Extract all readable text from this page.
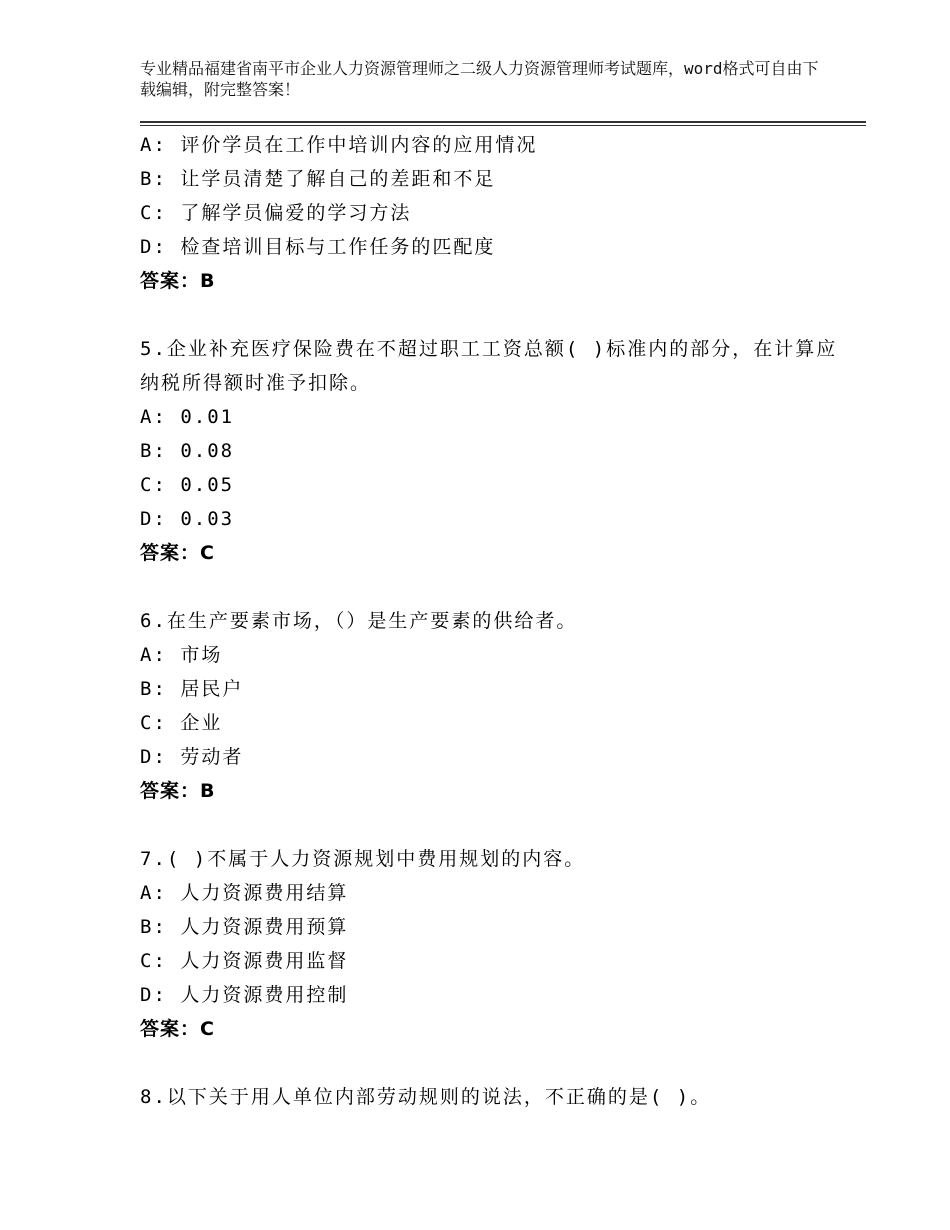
专业精品福建省南平市企业人力资源管理师之二级人力资源管理师考试题库，word格式可自由下载编辑，附完整答案！
A: 评价学员在工作中培训内容的应用情况
B: 让学员清楚了解自己的差距和不足
C: 了解学员偏爱的学习方法
D: 检查培训目标与工作任务的匹配度
答案：B
5.企业补充医疗保险费在不超过职工工资总额( )标准内的部分，在计算应纳税所得额时准予扣除。
A: 0.01
B: 0.08
C: 0.05
D: 0.03
答案：C
6.在生产要素市场，（）是生产要素的供给者。
A: 市场
B: 居民户
C: 企业
D: 劳动者
答案：B
7.( )不属于人力资源规划中费用规划的内容。
A: 人力资源费用结算
B: 人力资源费用预算
C: 人力资源费用监督
D: 人力资源费用控制
答案：C
8.以下关于用人单位内部劳动规则的说法，不正确的是( )。
